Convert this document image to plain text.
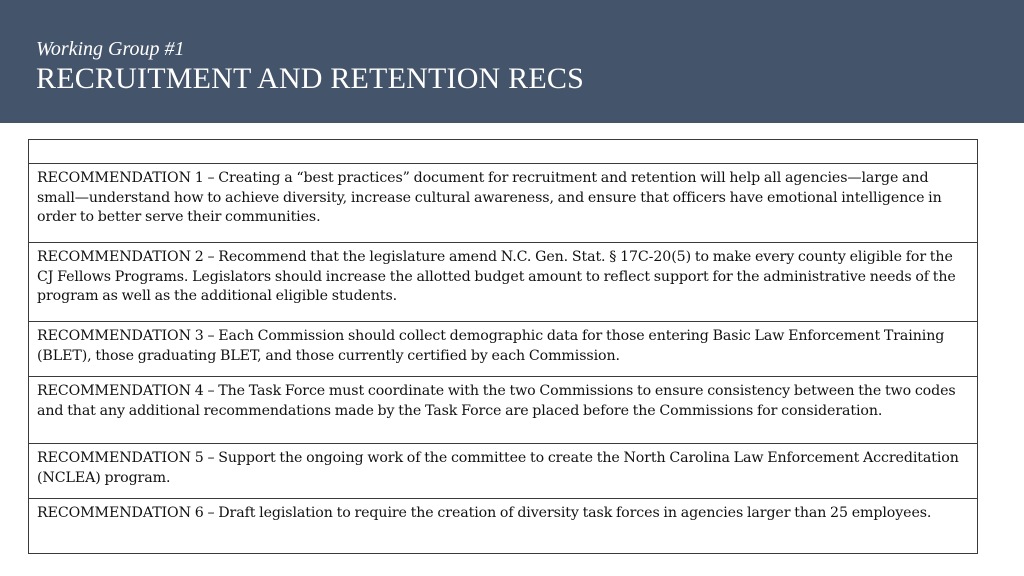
Working Group #1
RECRUITMENT AND RETENTION RECS

RECOMMENDATION 1 – Creating a “best practices” document for recruitment and retention will help all agencies—large and small—understand how to achieve diversity, increase cultural awareness, and ensure that officers have emotional intelligence in order to better serve their communities.
RECOMMENDATION 2 – Recommend that the legislature amend N.C. Gen. Stat. § 17C-20(5) to make every county eligible for the CJ Fellows Programs. Legislators should increase the allotted budget amount to reflect support for the administrative needs of the program as well as the additional eligible students.
RECOMMENDATION 3 – Each Commission should collect demographic data for those entering Basic Law Enforcement Training (BLET), those graduating BLET, and those currently certified by each Commission.
RECOMMENDATION 4 – The Task Force must coordinate with the two Commissions to ensure consistency between the two codes and that any additional recommendations made by the Task Force are placed before the Commissions for consideration.
RECOMMENDATION 5 – Support the ongoing work of the committee to create the North Carolina Law Enforcement Accreditation (NCLEA) program.
RECOMMENDATION 6 – Draft legislation to require the creation of diversity task forces in agencies larger than 25 employees.
